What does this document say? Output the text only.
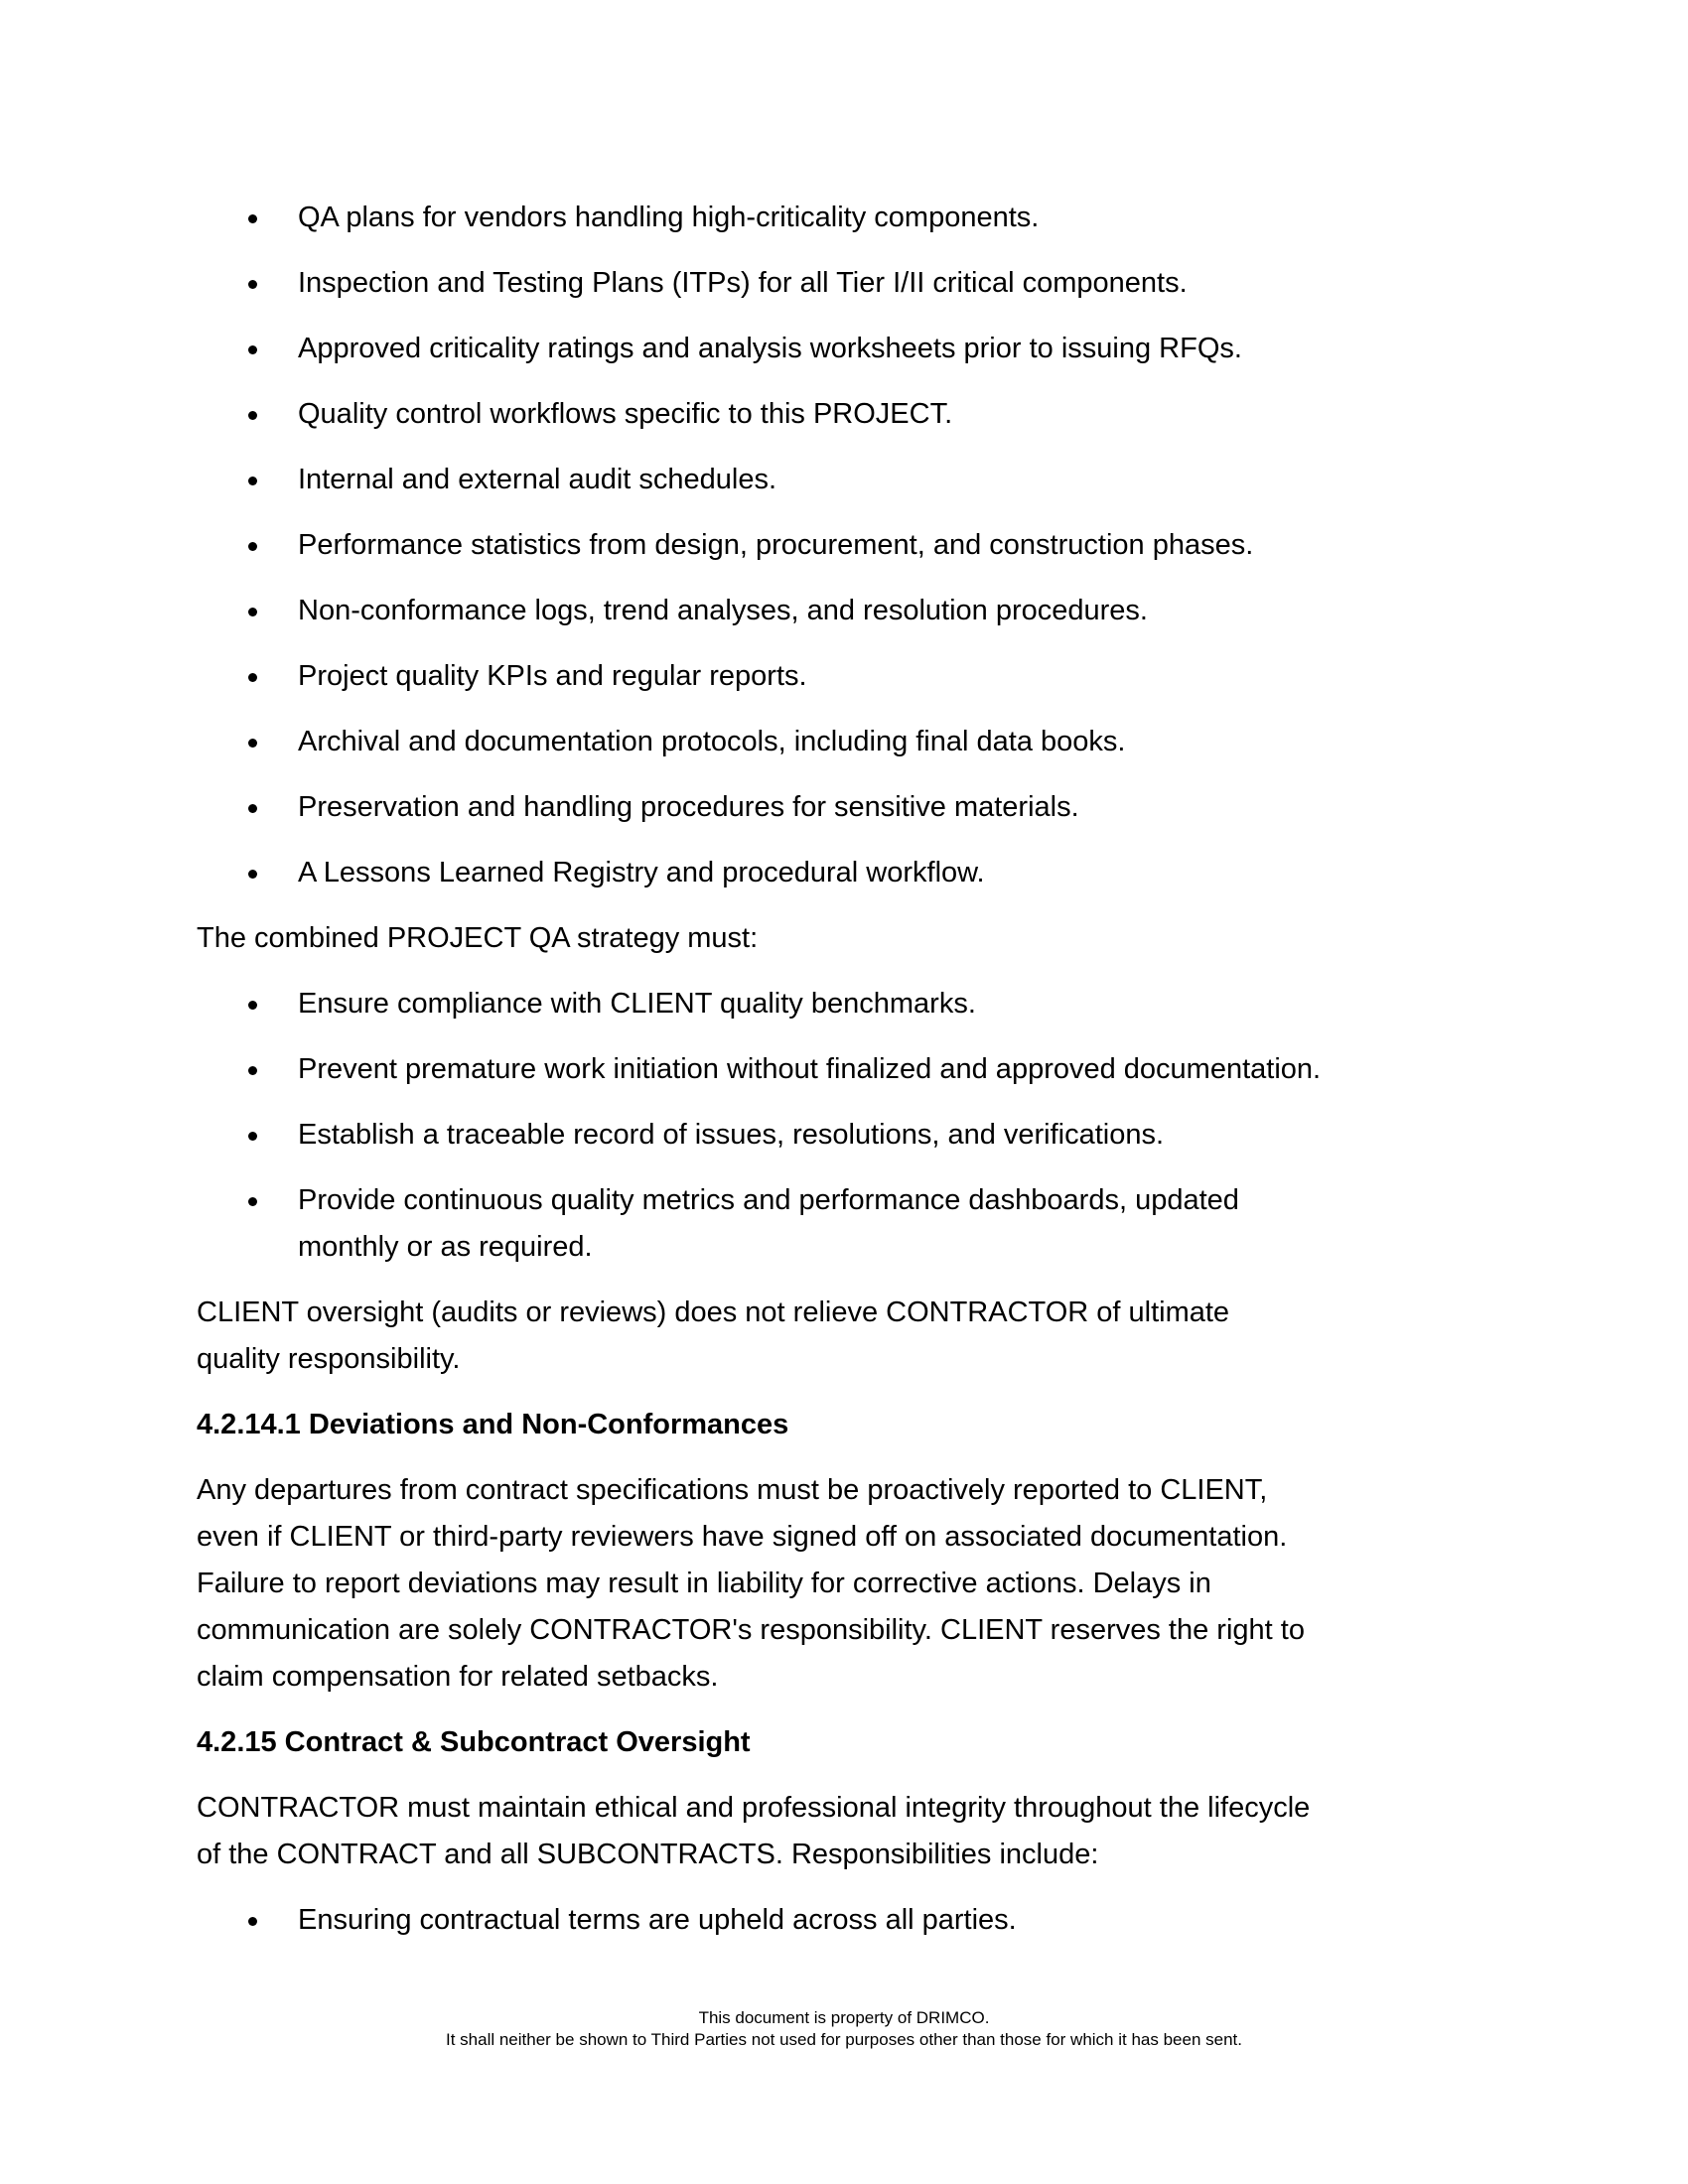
QA plans for vendors handling high-criticality components.
Inspection and Testing Plans (ITPs) for all Tier I/II critical components.
Approved criticality ratings and analysis worksheets prior to issuing RFQs.
Quality control workflows specific to this PROJECT.
Internal and external audit schedules.
Performance statistics from design, procurement, and construction phases.
Non-conformance logs, trend analyses, and resolution procedures.
Project quality KPIs and regular reports.
Archival and documentation protocols, including final data books.
Preservation and handling procedures for sensitive materials.
A Lessons Learned Registry and procedural workflow.
The combined PROJECT QA strategy must:
Ensure compliance with CLIENT quality benchmarks.
Prevent premature work initiation without finalized and approved documentation.
Establish a traceable record of issues, resolutions, and verifications.
Provide continuous quality metrics and performance dashboards, updated
monthly or as required.
CLIENT oversight (audits or reviews) does not relieve CONTRACTOR of ultimate
quality responsibility.
4.2.14.1 Deviations and Non-Conformances
Any departures from contract specifications must be proactively reported to CLIENT,
even if CLIENT or third-party reviewers have signed off on associated documentation.
Failure to report deviations may result in liability for corrective actions. Delays in
communication are solely CONTRACTOR's responsibility. CLIENT reserves the right to
claim compensation for related setbacks.
4.2.15 Contract & Subcontract Oversight
CONTRACTOR must maintain ethical and professional integrity throughout the lifecycle
of the CONTRACT and all SUBCONTRACTS. Responsibilities include:
Ensuring contractual terms are upheld across all parties.
This document is property of DRIMCO.
It shall neither be shown to Third Parties not used for purposes other than those for which it has been sent.
